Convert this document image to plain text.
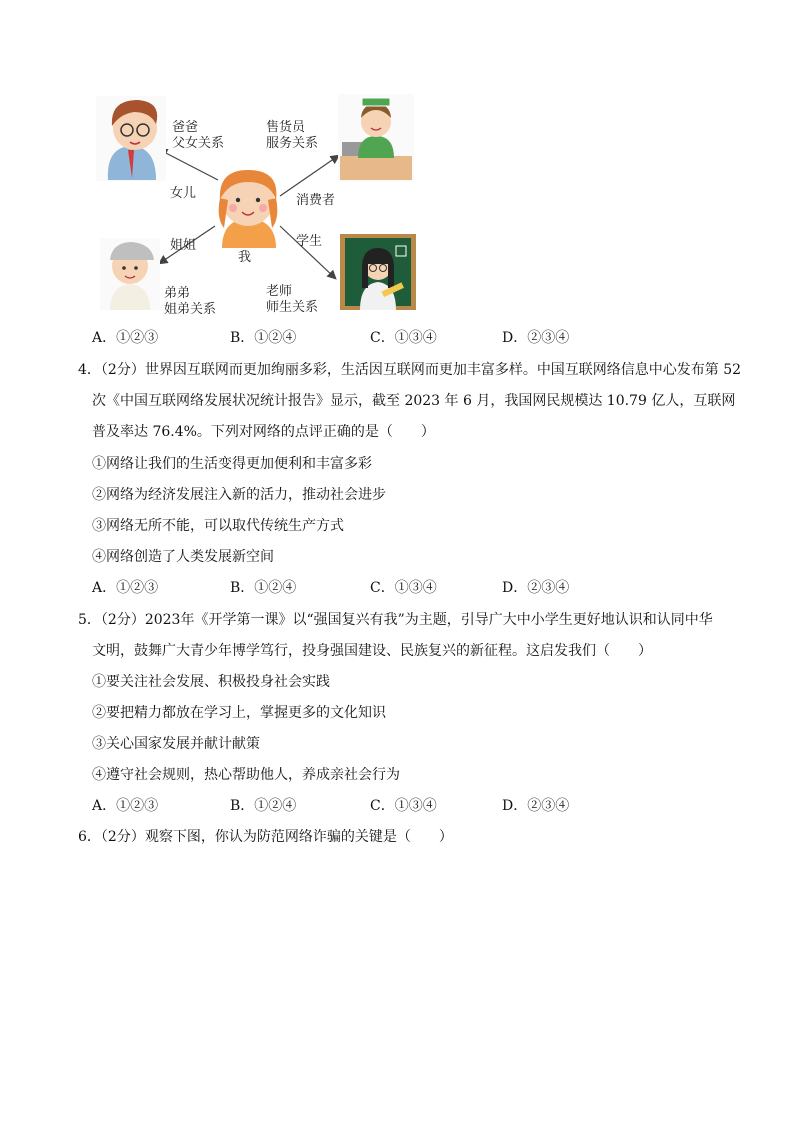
爸爸
父女关系
售货员
服务关系
女儿	消费者
姐姐
我
学生
弟弟
姐弟关系
老师
师生关系
A．①②③	B．①②④	C．①③④	D．②③④
4．（2分）世界因互联网而更加绚丽多彩，生活因互联网而更加丰富多样。中国互联网络信息中心发布第 52
次《中国互联网络发展状况统计报告》显示，截至 2023 年 6 月，我国网民规模达 10.79 亿人，互联网
普及率达 76.4%。下列对网络的点评正确的是（　　）
①网络让我们的生活变得更加便利和丰富多彩
②网络为经济发展注入新的活力，推动社会进步
③网络无所不能，可以取代传统生产方式
④网络创造了人类发展新空间
A．①②③	B．①②④	C．①③④	D．②③④
5．（2分）2023年《开学第一课》以“强国复兴有我”为主题，引导广大中小学生更好地认识和认同中华
文明，鼓舞广大青少年博学笃行，投身强国建设、民族复兴的新征程。这启发我们（　　）
①要关注社会发展、积极投身社会实践
②要把精力都放在学习上，掌握更多的文化知识
③关心国家发展并献计献策
④遵守社会规则，热心帮助他人，养成亲社会行为
A．①②③	B．①②④	C．①③④	D．②③④
6．（2分）观察下图，你认为防范网络诈骗的关键是（　　）
